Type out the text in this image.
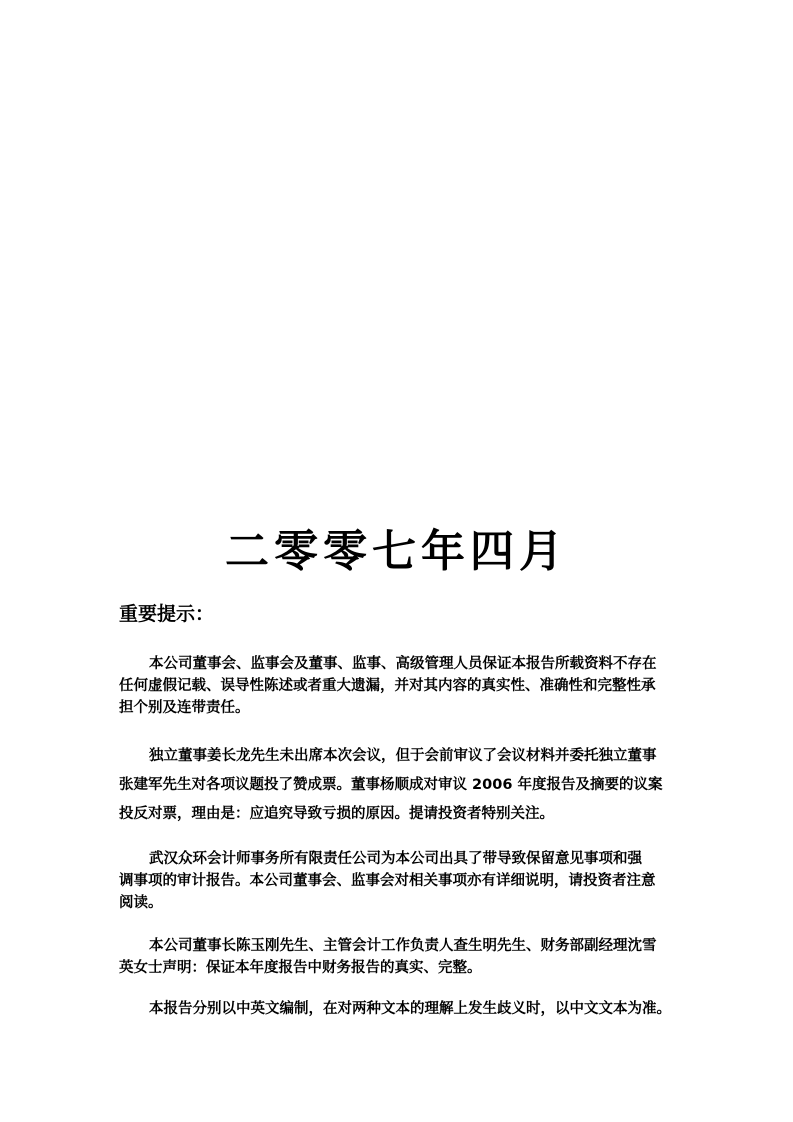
二零零七年四月
重要提示：
本公司董事会、监事会及董事、监事、高级管理人员保证本报告所载资料不存在
任何虚假记载、误导性陈述或者重大遗漏，并对其内容的真实性、准确性和完整性承
担个别及连带责任。
独立董事姜长龙先生未出席本次会议，但于会前审议了会议材料并委托独立董事
张建军先生对各项议题投了赞成票。董事杨顺成对审议 2006 年度报告及摘要的议案
投反对票，理由是：应追究导致亏损的原因。提请投资者特别关注。
武汉众环会计师事务所有限责任公司为本公司出具了带导致保留意见事项和强
调事项的审计报告。本公司董事会、监事会对相关事项亦有详细说明，请投资者注意
阅读。
本公司董事长陈玉刚先生、主管会计工作负责人查生明先生、财务部副经理沈雪
英女士声明：保证本年度报告中财务报告的真实、完整。
本报告分别以中英文编制，在对两种文本的理解上发生歧义时，以中文文本为准。
